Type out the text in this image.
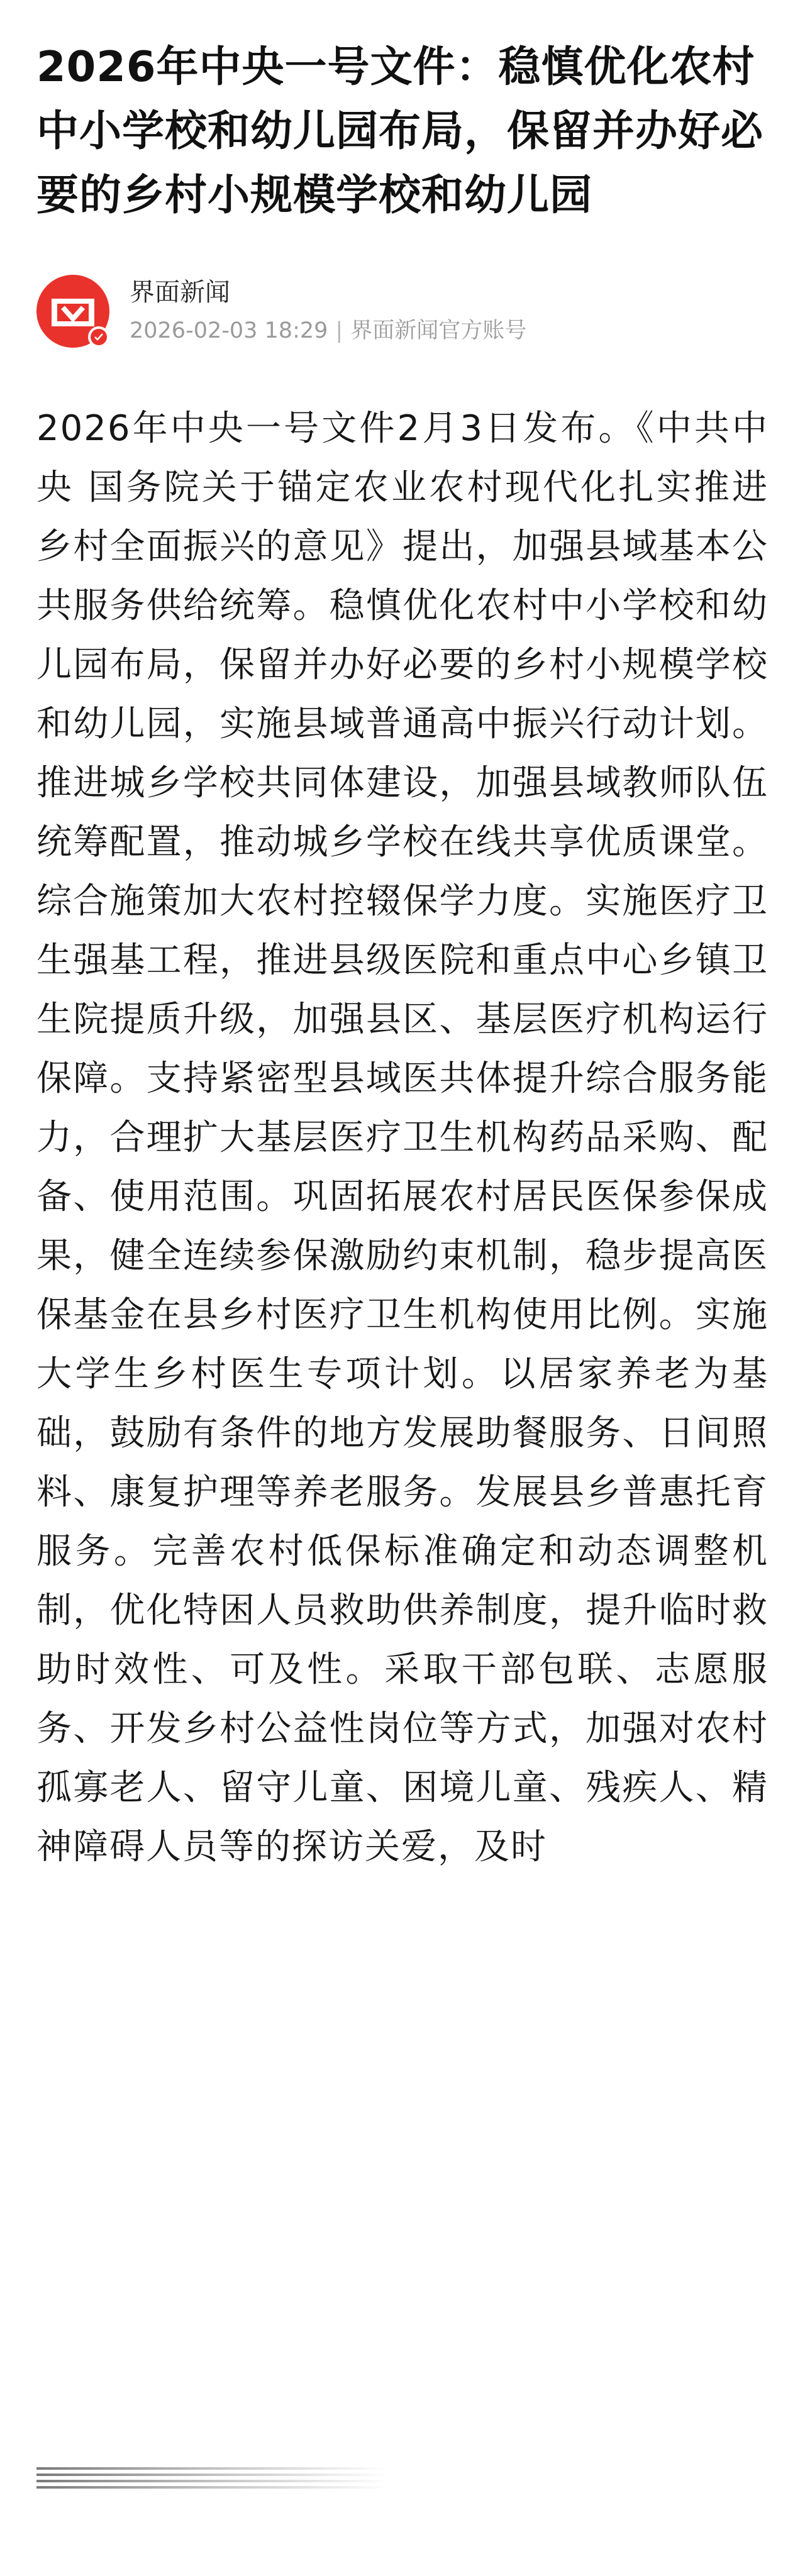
2026年中央一号文件：稳慎优化农村中小学校和幼儿园布局，保留并办好必要的乡村小规模学校和幼儿园
界面新闻
2026-02-03 18:29 | 界面新闻官方账号

2026年中央一号文件2月3日发布。《中共中央 国务院关于锚定农业农村现代化扎实推进乡村全面振兴的意见》提出，加强县域基本公共服务供给统筹。稳慎优化农村中小学校和幼儿园布局，保留并办好必要的乡村小规模学校和幼儿园，实施县域普通高中振兴行动计划。推进城乡学校共同体建设，加强县域教师队伍统筹配置，推动城乡学校在线共享优质课堂。综合施策加大农村控辍保学力度。实施医疗卫生强基工程，推进县级医院和重点中心乡镇卫生院提质升级，加强县区、基层医疗机构运行保障。支持紧密型县域医共体提升综合服务能力，合理扩大基层医疗卫生机构药品采购、配备、使用范围。巩固拓展农村居民医保参保成果，健全连续参保激励约束机制，稳步提高医保基金在县乡村医疗卫生机构使用比例。实施大学生乡村医生专项计划。以居家养老为基础，鼓励有条件的地方发展助餐服务、日间照料、康复护理等养老服务。发展县乡普惠托育服务。完善农村低保标准确定和动态调整机制，优化特困人员救助供养制度，提升临时救助时效性、可及性。采取干部包联、志愿服务、开发乡村公益性岗位等方式，加强对农村孤寡老人、留守儿童、困境儿童、残疾人、精神障碍人员等的探访关爱，及时
